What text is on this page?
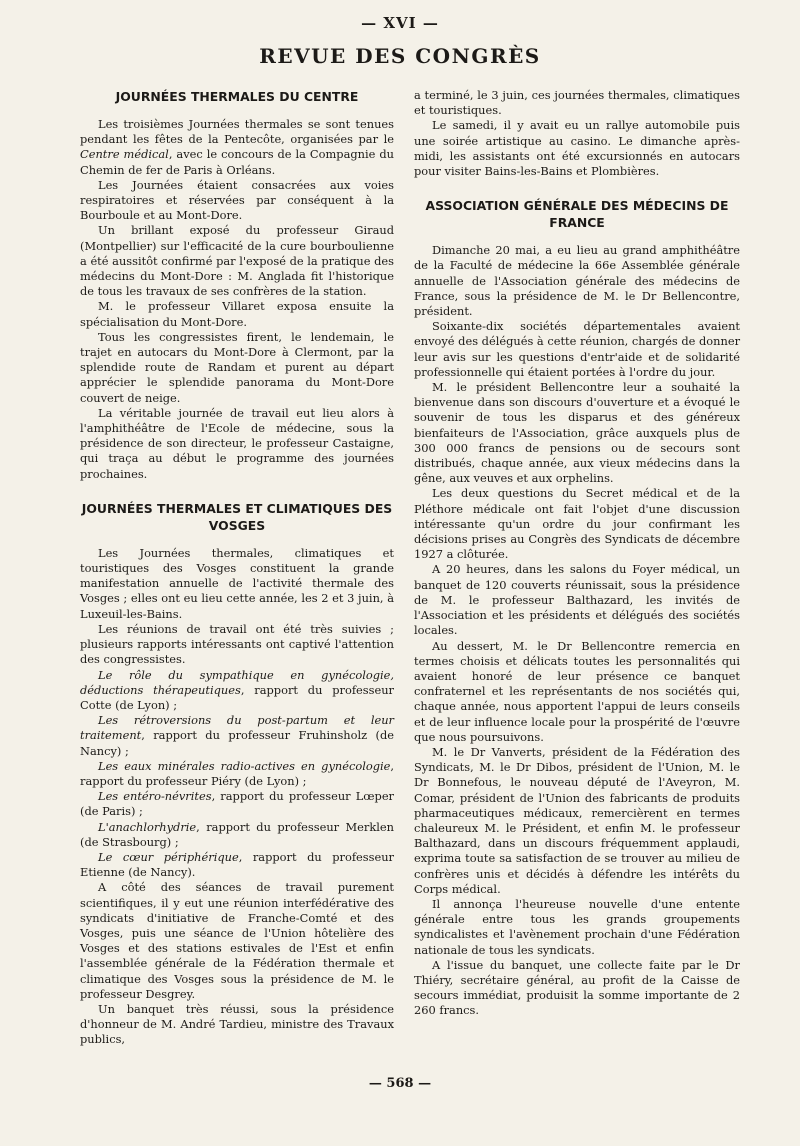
— XVI —
REVUE DES CONGRÈS
JOURNÉES THERMALES DU CENTRE

Les troisièmes Journées thermales se sont tenues pendant les fêtes de la Pentecôte, organisées par le Centre médical, avec le concours de la Compagnie du Chemin de fer de Paris à Orléans.

Les Journées étaient consacrées aux voies respiratoires et réservées par conséquent à la Bourboule et au Mont-Dore.

Un brillant exposé du professeur Giraud (Montpellier) sur l'efficacité de la cure bourboulienne a été aussitôt confirmé par l'exposé de la pratique des médecins du Mont-Dore : M. Anglada fit l'historique de tous les travaux de ses confrères de la station.

M. le professeur Villaret exposa ensuite la spécialisation du Mont-Dore.

Tous les congressistes firent, le lendemain, le trajet en autocars du Mont-Dore à Clermont, par la splendide route de Randam et purent au départ apprécier le splendide panorama du Mont-Dore couvert de neige.

La véritable journée de travail eut lieu alors à l'amphithéâtre de l'Ecole de médecine, sous la présidence de son directeur, le professeur Castaigne, qui traça au début le programme des journées prochaines.

JOURNÉES THERMALES ET CLIMATIQUES DES VOSGES

Les Journées thermales, climatiques et touristiques des Vosges constituent la grande manifestation annuelle de l'activité thermale des Vosges ; elles ont eu lieu cette année, les 2 et 3 juin, à Luxeuil-les-Bains.

Les réunions de travail ont été très suivies ; plusieurs rapports intéressants ont captivé l'attention des congressistes.

Le rôle du sympathique en gynécologie, déductions thérapeutiques, rapport du professeur Cotte (de Lyon) ;

Les rétroversions du post-partum et leur traitement, rapport du professeur Fruhinsholz (de Nancy) ;

Les eaux minérales radio-actives en gynécologie, rapport du professeur Piéry (de Lyon) ;

Les entéro-névrites, rapport du professeur Lœper (de Paris) ;

L'anachlorhydrie, rapport du professeur Merklen (de Strasbourg) ;

Le cœur périphérique, rapport du professeur Etienne (de Nancy).

A côté des séances de travail purement scientifiques, il y eut une réunion interfédérative des syndicats d'initiative de Franche-Comté et des Vosges, puis une séance de l'Union hôtelière des Vosges et des stations estivales de l'Est et enfin l'assemblée générale de la Fédération thermale et climatique des Vosges sous la présidence de M. le professeur Desgrey.

Un banquet très réussi, sous la présidence d'honneur de M. André Tardieu, ministre des Travaux publics,

a terminé, le 3 juin, ces journées thermales, climatiques et touristiques.

Le samedi, il y avait eu un rallye automobile puis une soirée artistique au casino. Le dimanche après-midi, les assistants ont été excursionnés en autocars pour visiter Bains-les-Bains et Plombières.

ASSOCIATION GÉNÉRALE DES MÉDECINS DE FRANCE

Dimanche 20 mai, a eu lieu au grand amphithéâtre de la Faculté de médecine la 66e Assemblée générale annuelle de l'Association générale des médecins de France, sous la présidence de M. le Dr Bellencontre, président.

Soixante-dix sociétés départementales avaient envoyé des délégués à cette réunion, chargés de donner leur avis sur les questions d'entr'aide et de solidarité professionnelle qui étaient portées à l'ordre du jour.

M. le président Bellencontre leur a souhaité la bienvenue dans son discours d'ouverture et a évoqué le souvenir de tous les disparus et des généreux bienfaiteurs de l'Association, grâce auxquels plus de 300 000 francs de pensions ou de secours sont distribués, chaque année, aux vieux médecins dans la gêne, aux veuves et aux orphelins.

Les deux questions du Secret médical et de la Pléthore médicale ont fait l'objet d'une discussion intéressante qu'un ordre du jour confirmant les décisions prises au Congrès des Syndicats de décembre 1927 a clôturée.

A 20 heures, dans les salons du Foyer médical, un banquet de 120 couverts réunissait, sous la présidence de M. le professeur Balthazard, les invités de l'Association et les présidents et délégués des sociétés locales.

Au dessert, M. le Dr Bellencontre remercia en termes choisis et délicats toutes les personnalités qui avaient honoré de leur présence ce banquet confraternel et les représentants de nos sociétés qui, chaque année, nous apportent l'appui de leurs conseils et de leur influence locale pour la prospérité de l'œuvre que nous poursuivons.

M. le Dr Vanverts, président de la Fédération des Syndicats, M. le Dr Dibos, président de l'Union, M. le Dr Bonnefous, le nouveau député de l'Aveyron, M. Comar, président de l'Union des fabricants de produits pharmaceutiques médicaux, remercièrent en termes chaleureux M. le Président, et enfin M. le professeur Balthazard, dans un discours fréquemment applaudi, exprima toute sa satisfaction de se trouver au milieu de confrères unis et décidés à défendre les intérêts du Corps médical.

Il annonça l'heureuse nouvelle d'une entente générale entre tous les grands groupements syndicalistes et l'avènement prochain d'une Fédération nationale de tous les syndicats.

A l'issue du banquet, une collecte faite par le Dr Thiéry, secrétaire général, au profit de la Caisse de secours immédiat, produisit la somme importante de 2 260 francs.

— 568 —
